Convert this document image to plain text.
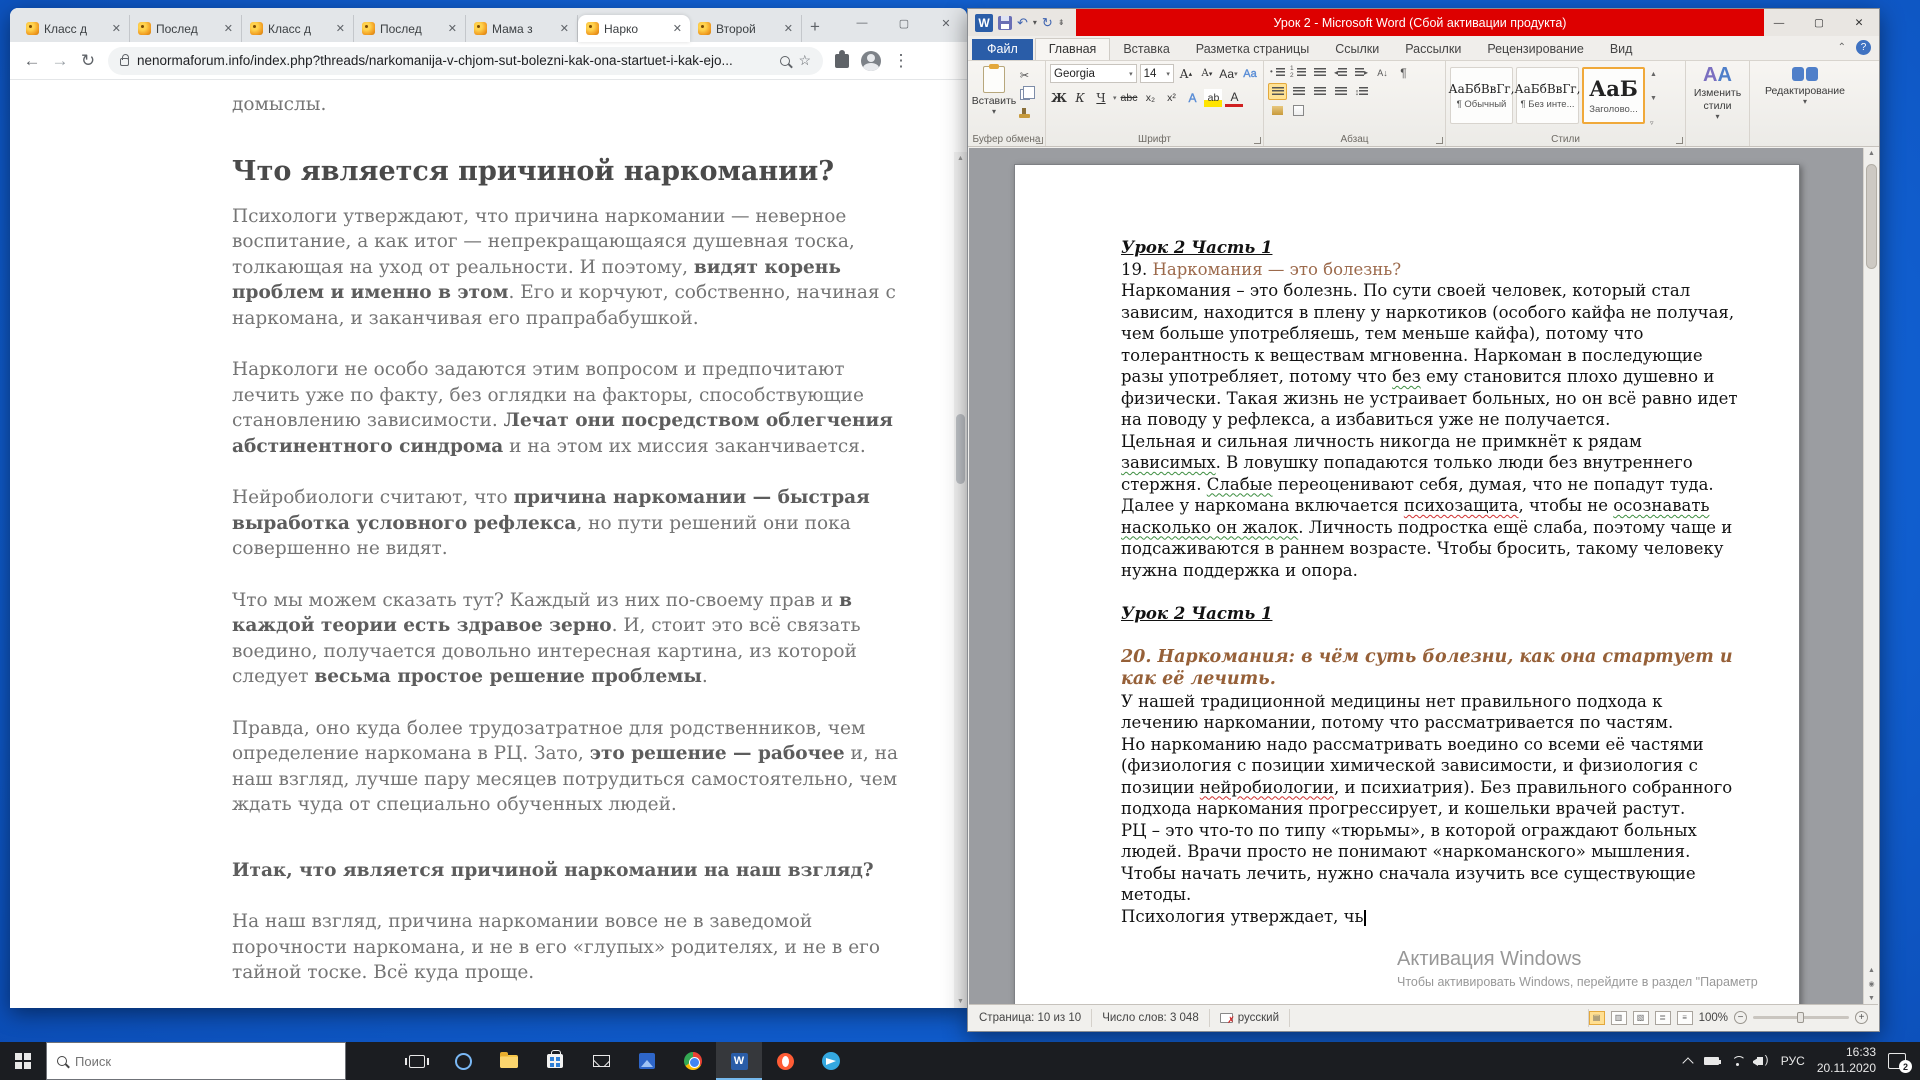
Класс д	✕	Послед	✕	Класс д	✕	Послед	✕	Мама з	✕	Нарко	✕	Второй	✕	+	—	▢	✕
← → ↻	nenormaforum.info/index.php?threads/narkomanija-v-chjom-sut-bolezni-kak-ona-startuet-i-kak-ejo...	☆	⋮

домыслы.

Что является причиной наркомании?

Психологи утверждают, что причина наркомании — неверное воспитание, а как итог — непрекращающаяся душевная тоска, толкающая на уход от реальности. И поэтому, видят корень проблем и именно в этом. Его и корчуют, собственно, начиная с наркомана, и заканчивая его прапрабабушкой.

Наркологи не особо задаются этим вопросом и предпочитают лечить уже по факту, без оглядки на факторы, способствующие становлению зависимости. Лечат они посредством облегчения абстинентного синдрома и на этом их миссия заканчивается.

Нейробиологи считают, что причина наркомании — быстрая выработка условного рефлекса, но пути решений они пока совершенно не видят.

Что мы можем сказать тут? Каждый из них по-своему прав и в каждой теории есть здравое зерно. И, стоит это всё связать воедино, получается довольно интересная картина, из которой следует весьма простое решение проблемы.

Правда, оно куда более трудозатратное для родственников, чем определение наркомана в РЦ. Зато, это решение — рабочее и, на наш взгляд, лучше пару месяцев потрудиться самостоятельно, чем ждать чуда от специально обученных людей.

Итак, что является причиной наркомании на наш взгляд?

На наш взгляд, причина наркомании вовсе не в заведомой порочности наркомана, и не в его «глупых» родителях, и не в его тайной тоске. Всё куда проще.

▲
▼
W ↶ ▾ ↻ ⇟	Урок 2 - Microsoft Word (Сбой активации продукта)	—	▢	✕
Файл	Главная	Вставка	Разметка страницы	Ссылки	Рассылки	Рецензирование	Вид	⌃	?
Вставить
▾
✂
Буфер обмена
Georgia	▾ 14 ▾ А ▴ А ▾ Аа ▾ Аа
Ж К Ч	▾ abc х₂	х²	А	ab А
Шрифт
•	1
2	◂	▸ А↓	¶
↕
Абзац
АаБбВвГг,
¶ Обычный
АаБбВвГг,
¶ Без инте...
АаБ
Заголово...
▲
▼
▿
Стили
АА
Изменить стили
▾
Редактирование
▾
Урок 2 Часть 1
19. Наркомания — это болезнь?
Наркомания – это болезнь. По сути своей человек, который стал зависим, находится в плену у наркотиков (особого кайфа не получая, чем больше употребляешь, тем меньше кайфа), потому что толерантность к веществам мгновенна. Наркоман в последующие разы употребляет, потому что без ему становится плохо душевно и физически. Такая жизнь не устраивает больных, но он всё равно идет на поводу у рефлекса, а избавиться уже не получается.
Цельная и сильная личность никогда не примкнёт к рядам зависимых. В ловушку попадаются только люди без внутреннего стержня. Слабые переоценивают себя, думая, что не попадут туда. Далее у наркомана включается психозащита, чтобы не осознавать насколько он жалок. Личность подростка ещё слаба, поэтому чаще и подсаживаются в раннем возрасте. Чтобы бросить, такому человеку нужна поддержка и опора.
Урок 2 Часть 1
20. Наркомания: в чём суть болезни, как она стартует и как её лечить.
У нашей традиционной медицины нет правильного подхода к лечению наркомании, потому что рассматривается по частям.
Но наркоманию надо рассматривать воедино со всеми её частями (физиология с позиции химической зависимости, и физиология с позиции нейробиологии, и психиатрия). Без правильного собранного подхода наркомания прогрессирует, и кошельки врачей растут.
РЦ – это что-то по типу «тюрьмы», в которой ограждают больных людей. Врачи просто не понимают «наркоманского» мышления. Чтобы начать лечить, нужно сначала изучить все существующие методы.
Психология утверждает, чь
Активация Windows
Чтобы активировать Windows, перейдите в раздел "Параметр
▲
▲
◉
▼
Страница: 10 из 10	Число слов: 3 048 ✗	русский	▤	▥	▧	≣	≡	100% −	+
Поиск
W )	РУС
16:33
20.11.2020	2
